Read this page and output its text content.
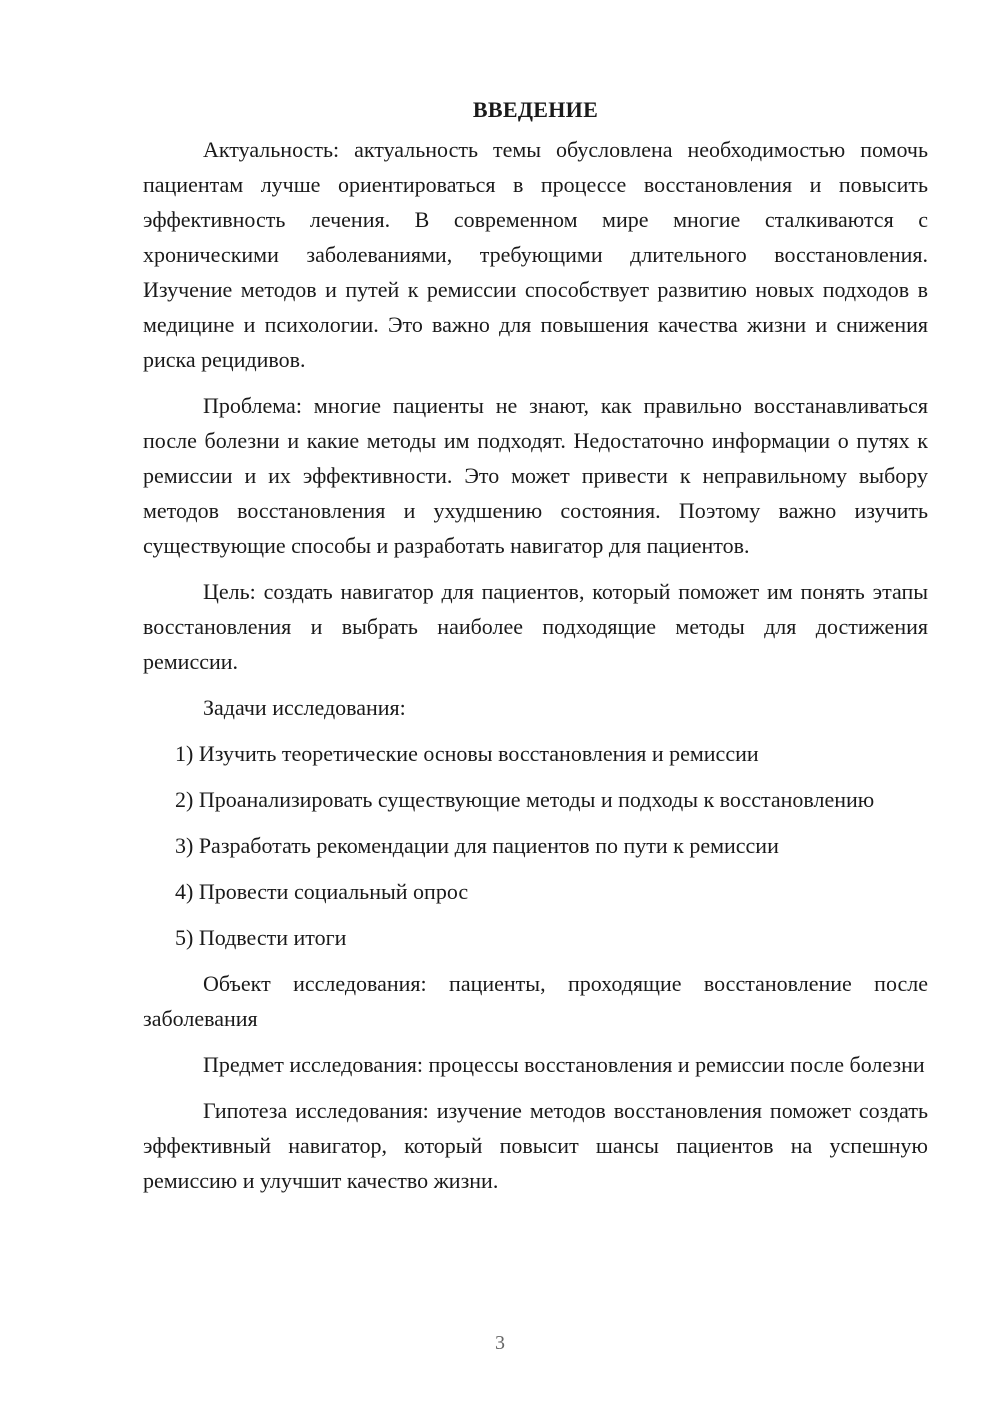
ВВЕДЕНИЕ

Актуальность: актуальность темы обусловлена необходимостью помочь пациентам лучше ориентироваться в процессе восстановления и повысить эффективность лечения. В современном мире многие сталкиваются с хроническими заболеваниями, требующими длительного восстановления. Изучение методов и путей к ремиссии способствует развитию новых подходов в медицине и психологии. Это важно для повышения качества жизни и снижения риска рецидивов.

Проблема: многие пациенты не знают, как правильно восстанавливаться после болезни и какие методы им подходят. Недостаточно информации о путях к ремиссии и их эффективности. Это может привести к неправильному выбору методов восстановления и ухудшению состояния. Поэтому важно изучить существующие способы и разработать навигатор для пациентов.

Цель: создать навигатор для пациентов, который поможет им понять этапы восстановления и выбрать наиболее подходящие методы для достижения ремиссии.

Задачи исследования:

1) Изучить теоретические основы восстановления и ремиссии

2) Проанализировать существующие методы и подходы к восстановлению

3) Разработать рекомендации для пациентов по пути к ремиссии

4) Провести социальный опрос

5) Подвести итоги

Объект исследования: пациенты, проходящие восстановление после заболевания

Предмет исследования: процессы восстановления и ремиссии после болезни

Гипотеза исследования: изучение методов восстановления поможет создать эффективный навигатор, который повысит шансы пациентов на успешную ремиссию и улучшит качество жизни.

3
